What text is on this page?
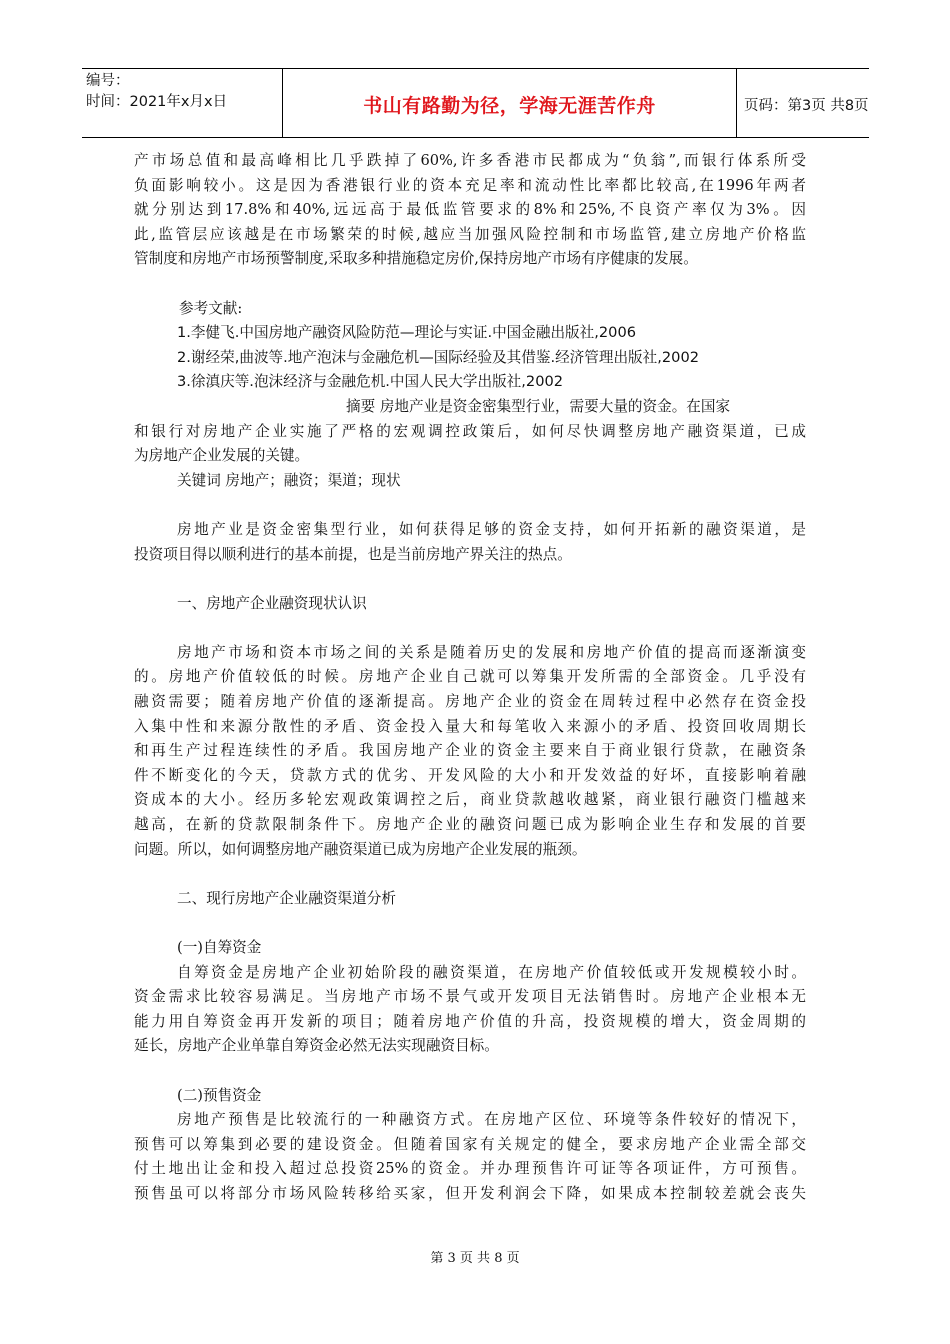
编号：
时间：2021年x月x日	书山有路勤为径，学海无涯苦作舟	页码：第3页 共8页
产市场总值和最高峰相比几乎跌掉了60%,许多香港市民都成为“负翁”,而银行体系所受
负面影响较小。这是因为香港银行业的资本充足率和流动性比率都比较高,在1996年两者
就分别达到17.8%和40%,远远高于最低监管要求的8%和25%,不良资产率仅为3%。因
此,监管层应该越是在市场繁荣的时候,越应当加强风险控制和市场监管,建立房地产价格监
管制度和房地产市场预警制度,采取多种措施稳定房价,保持房地产市场有序健康的发展。
参考文献:
1.李健飞.中国房地产融资风险防范—理论与实证.中国金融出版社,2006
2.谢经荣,曲波等.地产泡沫与金融危机—国际经验及其借鉴.经济管理出版社,2002
3.徐滇庆等.泡沫经济与金融危机.中国人民大学出版社,2002
摘要 房地产业是资金密集型行业，需要大量的资金。在国家
和银行对房地产企业实施了严格的宏观调控政策后，如何尽快调整房地产融资渠道，已成
为房地产企业发展的关键。
关键词 房地产；融资；渠道；现状
房地产业是资金密集型行业，如何获得足够的资金支持，如何开拓新的融资渠道，是
投资项目得以顺利进行的基本前提，也是当前房地产界关注的热点。
一、房地产企业融资现状认识
房地产市场和资本市场之间的关系是随着历史的发展和房地产价值的提高而逐渐演变
的。房地产价值较低的时候。房地产企业自己就可以筹集开发所需的全部资金。几乎没有
融资需要；随着房地产价值的逐渐提高。房地产企业的资金在周转过程中必然存在资金投
入集中性和来源分散性的矛盾、资金投入量大和每笔收入来源小的矛盾、投资回收周期长
和再生产过程连续性的矛盾。我国房地产企业的资金主要来自于商业银行贷款，在融资条
件不断变化的今天，贷款方式的优劣、开发风险的大小和开发效益的好坏，直接影响着融
资成本的大小。经历多轮宏观政策调控之后，商业贷款越收越紧，商业银行融资门槛越来
越高，在新的贷款限制条件下。房地产企业的融资问题已成为影响企业生存和发展的首要
问题。所以，如何调整房地产融资渠道已成为房地产企业发展的瓶颈。
二、现行房地产企业融资渠道分析
(一)自筹资金
自筹资金是房地产企业初始阶段的融资渠道，在房地产价值较低或开发规模较小时。
资金需求比较容易满足。当房地产市场不景气或开发项目无法销售时。房地产企业根本无
能力用自筹资金再开发新的项目；随着房地产价值的升高，投资规模的增大，资金周期的
延长，房地产企业单靠自筹资金必然无法实现融资目标。
(二)预售资金
房地产预售是比较流行的一种融资方式。在房地产区位、环境等条件较好的情况下，
预售可以筹集到必要的建设资金。但随着国家有关规定的健全，要求房地产企业需全部交
付土地出让金和投入超过总投资25%的资金。并办理预售许可证等各项证件，方可预售。
预售虽可以将部分市场风险转移给买家，但开发利润会下降，如果成本控制较差就会丧失
第 3 页 共 8 页
